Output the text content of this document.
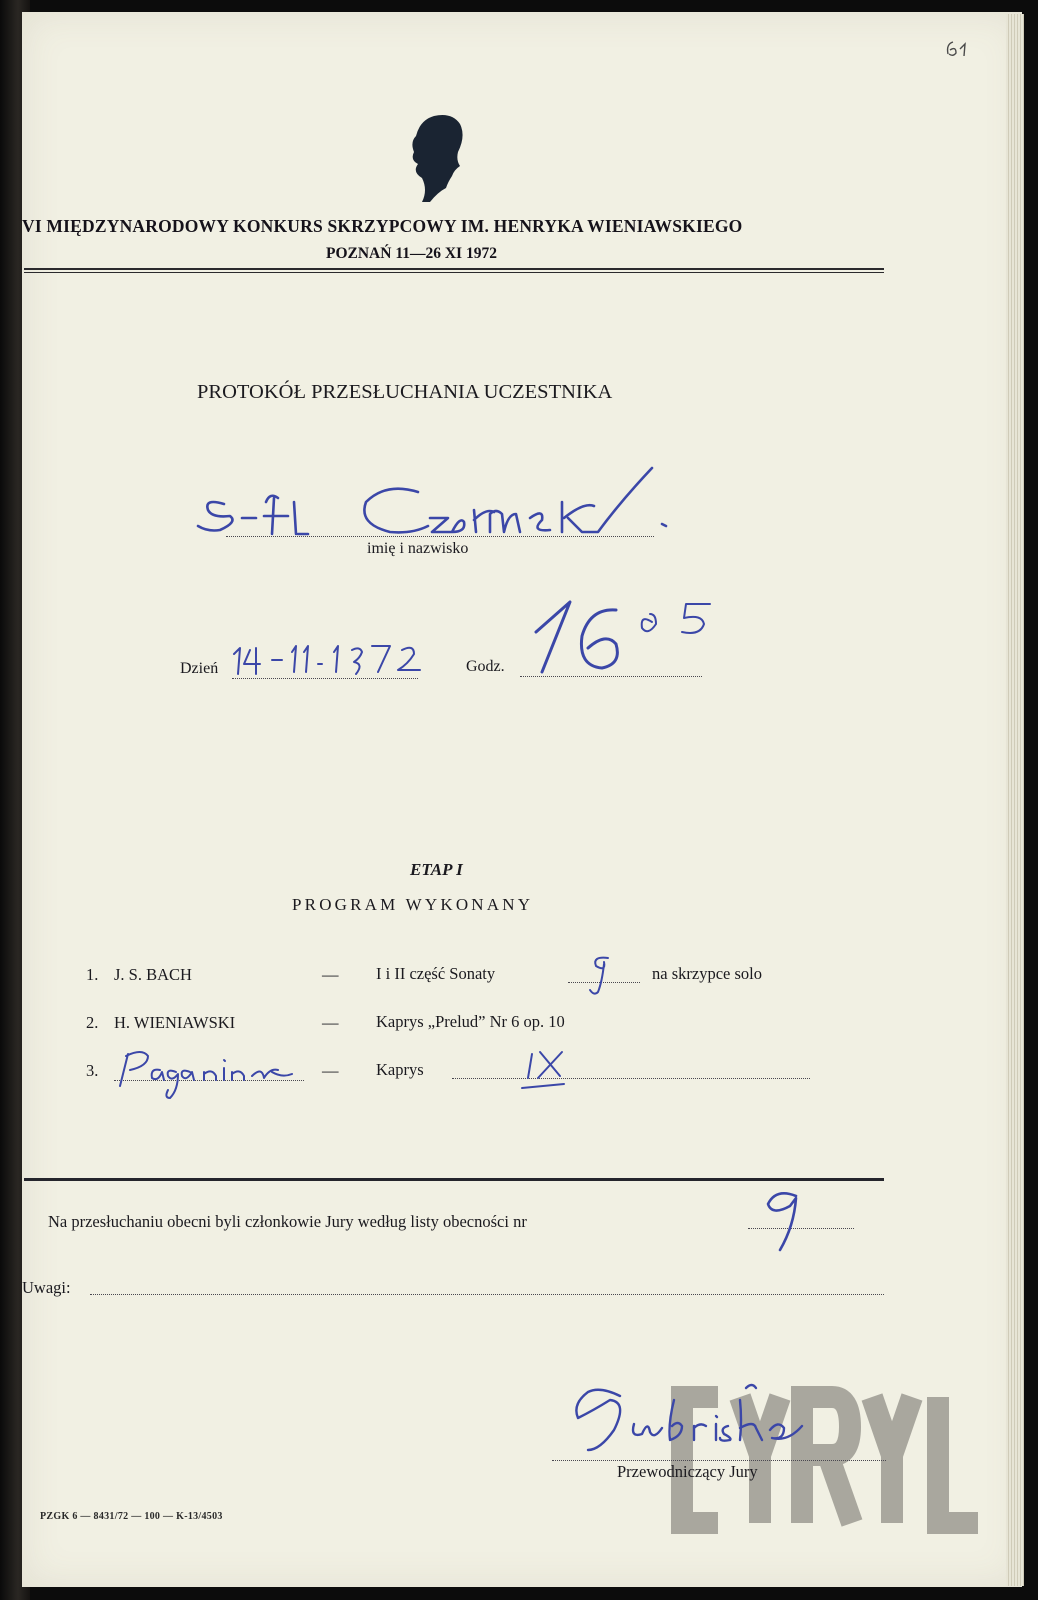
VI MIĘDZYNARODOWY KONKURS SKRZYPCOWY IM. HENRYKA WIENIAWSKIEGO
POZNAŃ 11—26 XI 1972
PROTOKÓŁ PRZESŁUCHANIA UCZESTNIKA
imię i nazwisko
Dzień	Godz.
ETAP I
PROGRAM WYKONANY
1. J. S. BACH	— I i II część Sonaty	na skrzypce solo
2. H. WIENIAWSKI	— Kaprys „Prelud” Nr 6 op. 10
3.	— Kaprys
Na przesłuchaniu obecni byli członkowie Jury według listy obecności nr
Uwagi:
Przewodniczący Jury
PZGK 6 — 8431/72 — 100 — K-13/4503
